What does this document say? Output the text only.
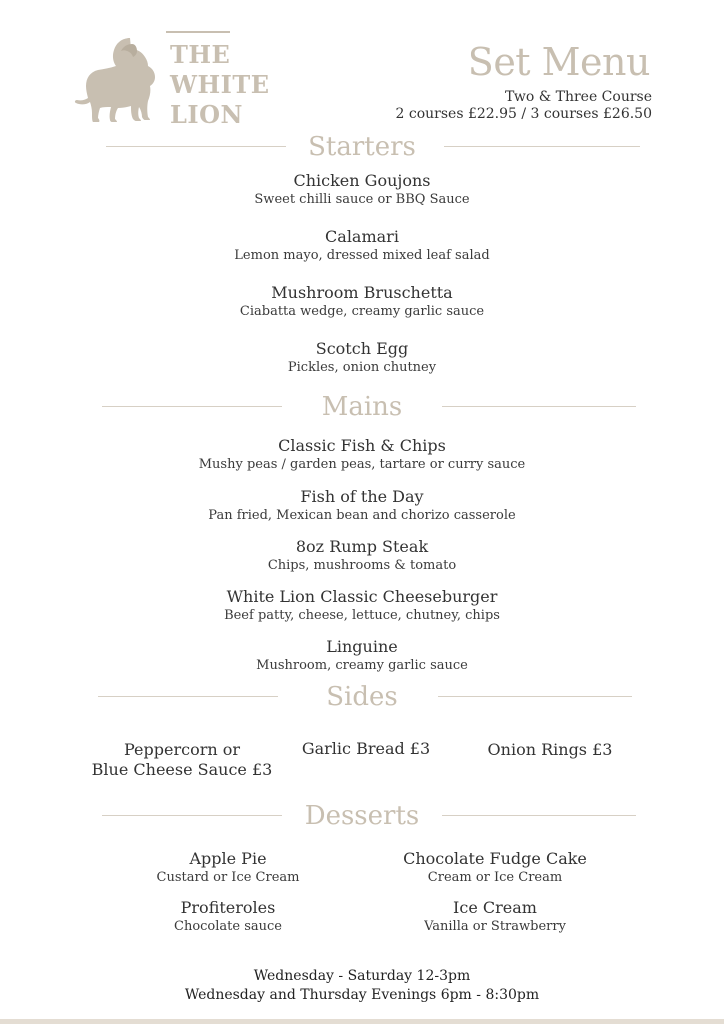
THE
WHITE
LION
Set Menu
Two & Three Course
2 courses £22.95 / 3 courses £26.50
Starters
Chicken Goujons
Sweet chilli sauce or BBQ Sauce
Calamari
Lemon mayo, dressed mixed leaf salad
Mushroom Bruschetta
Ciabatta wedge, creamy garlic sauce
Scotch Egg
Pickles, onion chutney
Mains
Classic Fish & Chips
Mushy peas / garden peas, tartare or curry sauce
Fish of the Day
Pan fried, Mexican bean and chorizo casserole
8oz Rump Steak
Chips, mushrooms & tomato
White Lion Classic Cheeseburger
Beef patty, cheese, lettuce, chutney, chips
Linguine
Mushroom, creamy garlic sauce
Sides
Peppercorn or
Blue Cheese Sauce £3
Garlic Bread £3	Onion Rings £3
Desserts
Apple Pie
Custard or Ice Cream
Chocolate Fudge Cake
Cream or Ice Cream
Profiteroles
Chocolate sauce
Ice Cream
Vanilla or Strawberry
Wednesday - Saturday 12-3pm
Wednesday and Thursday Evenings 6pm - 8:30pm
